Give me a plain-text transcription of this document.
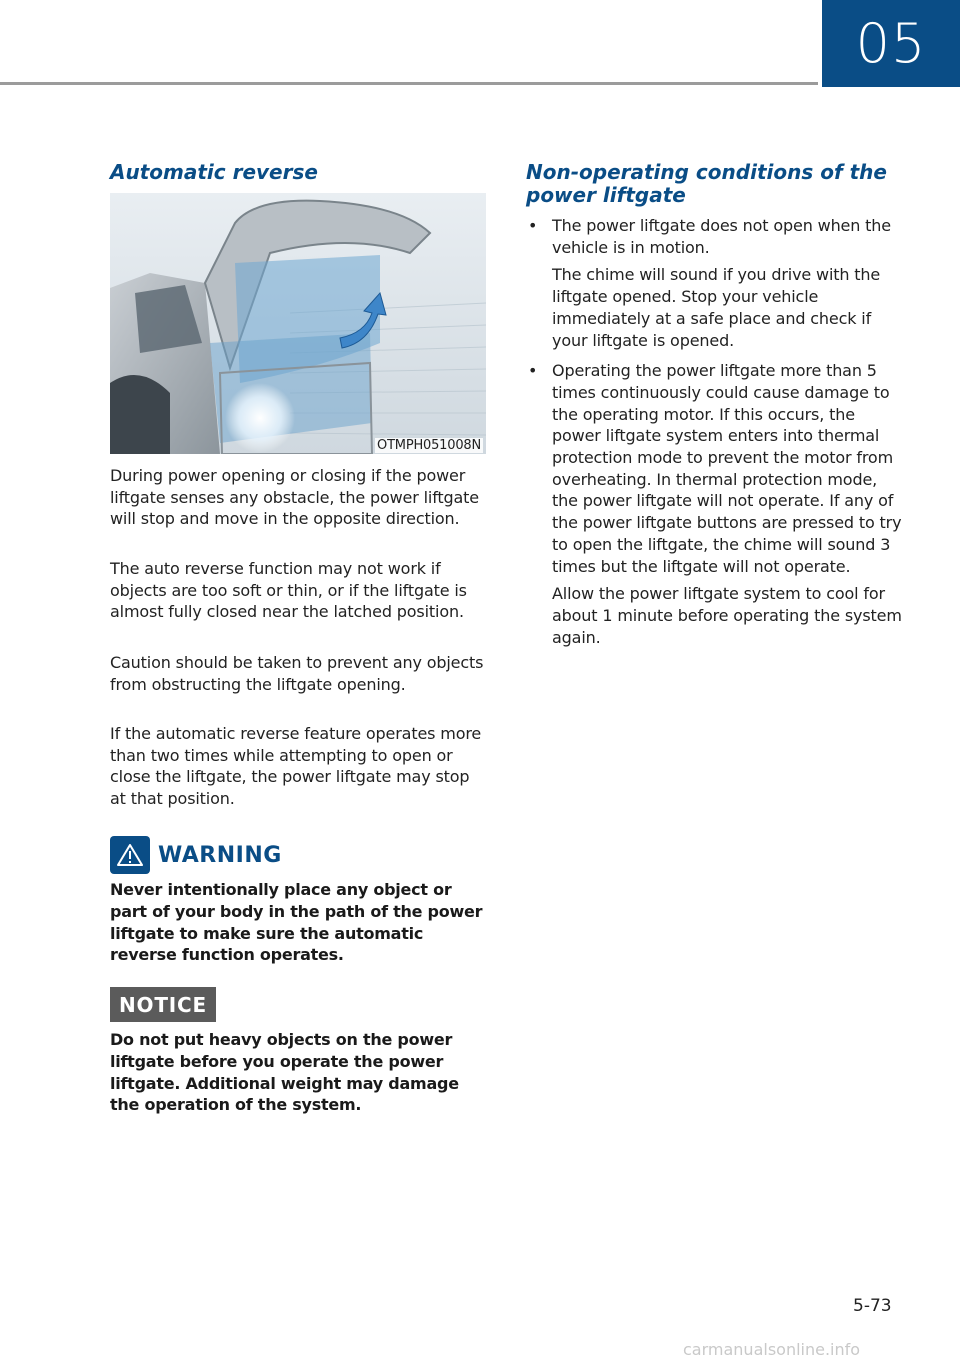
05
Automatic reverse
OTMPH051008N

During power opening or closing if the power liftgate senses any obstacle, the power liftgate will stop and move in the opposite direction.

The auto reverse function may not work if objects are too soft or thin, or if the liftgate is almost fully closed near the latched position.

Caution should be taken to prevent any objects from obstructing the liftgate opening.

If the automatic reverse feature operates more than two times while attempting to open or close the liftgate, the power liftgate may stop at that position.

WARNING

Never intentionally place any object or part of your body in the path of the power liftgate to make sure the automatic reverse function operates.

NOTICE

Do not put heavy objects on the power liftgate before you operate the power liftgate. Additional weight may damage the operation of the system.

Non-operating conditions of the power liftgate
• The power liftgate does not open when the vehicle is in motion.

The chime will sound if you drive with the liftgate opened. Stop your vehicle immediately at a safe place and check if your liftgate is opened.

• Operating the power liftgate more than 5 times continuously could cause damage to the operating motor. If this occurs, the power liftgate system enters into thermal protection mode to prevent the motor from overheating. In thermal protection mode, the power liftgate will not operate. If any of the power liftgate buttons are pressed to try to open the liftgate, the chime will sound 3 times but the liftgate will not operate.

Allow the power liftgate system to cool for about 1 minute before operating the system again.

5-73
carmanualsonline.info
